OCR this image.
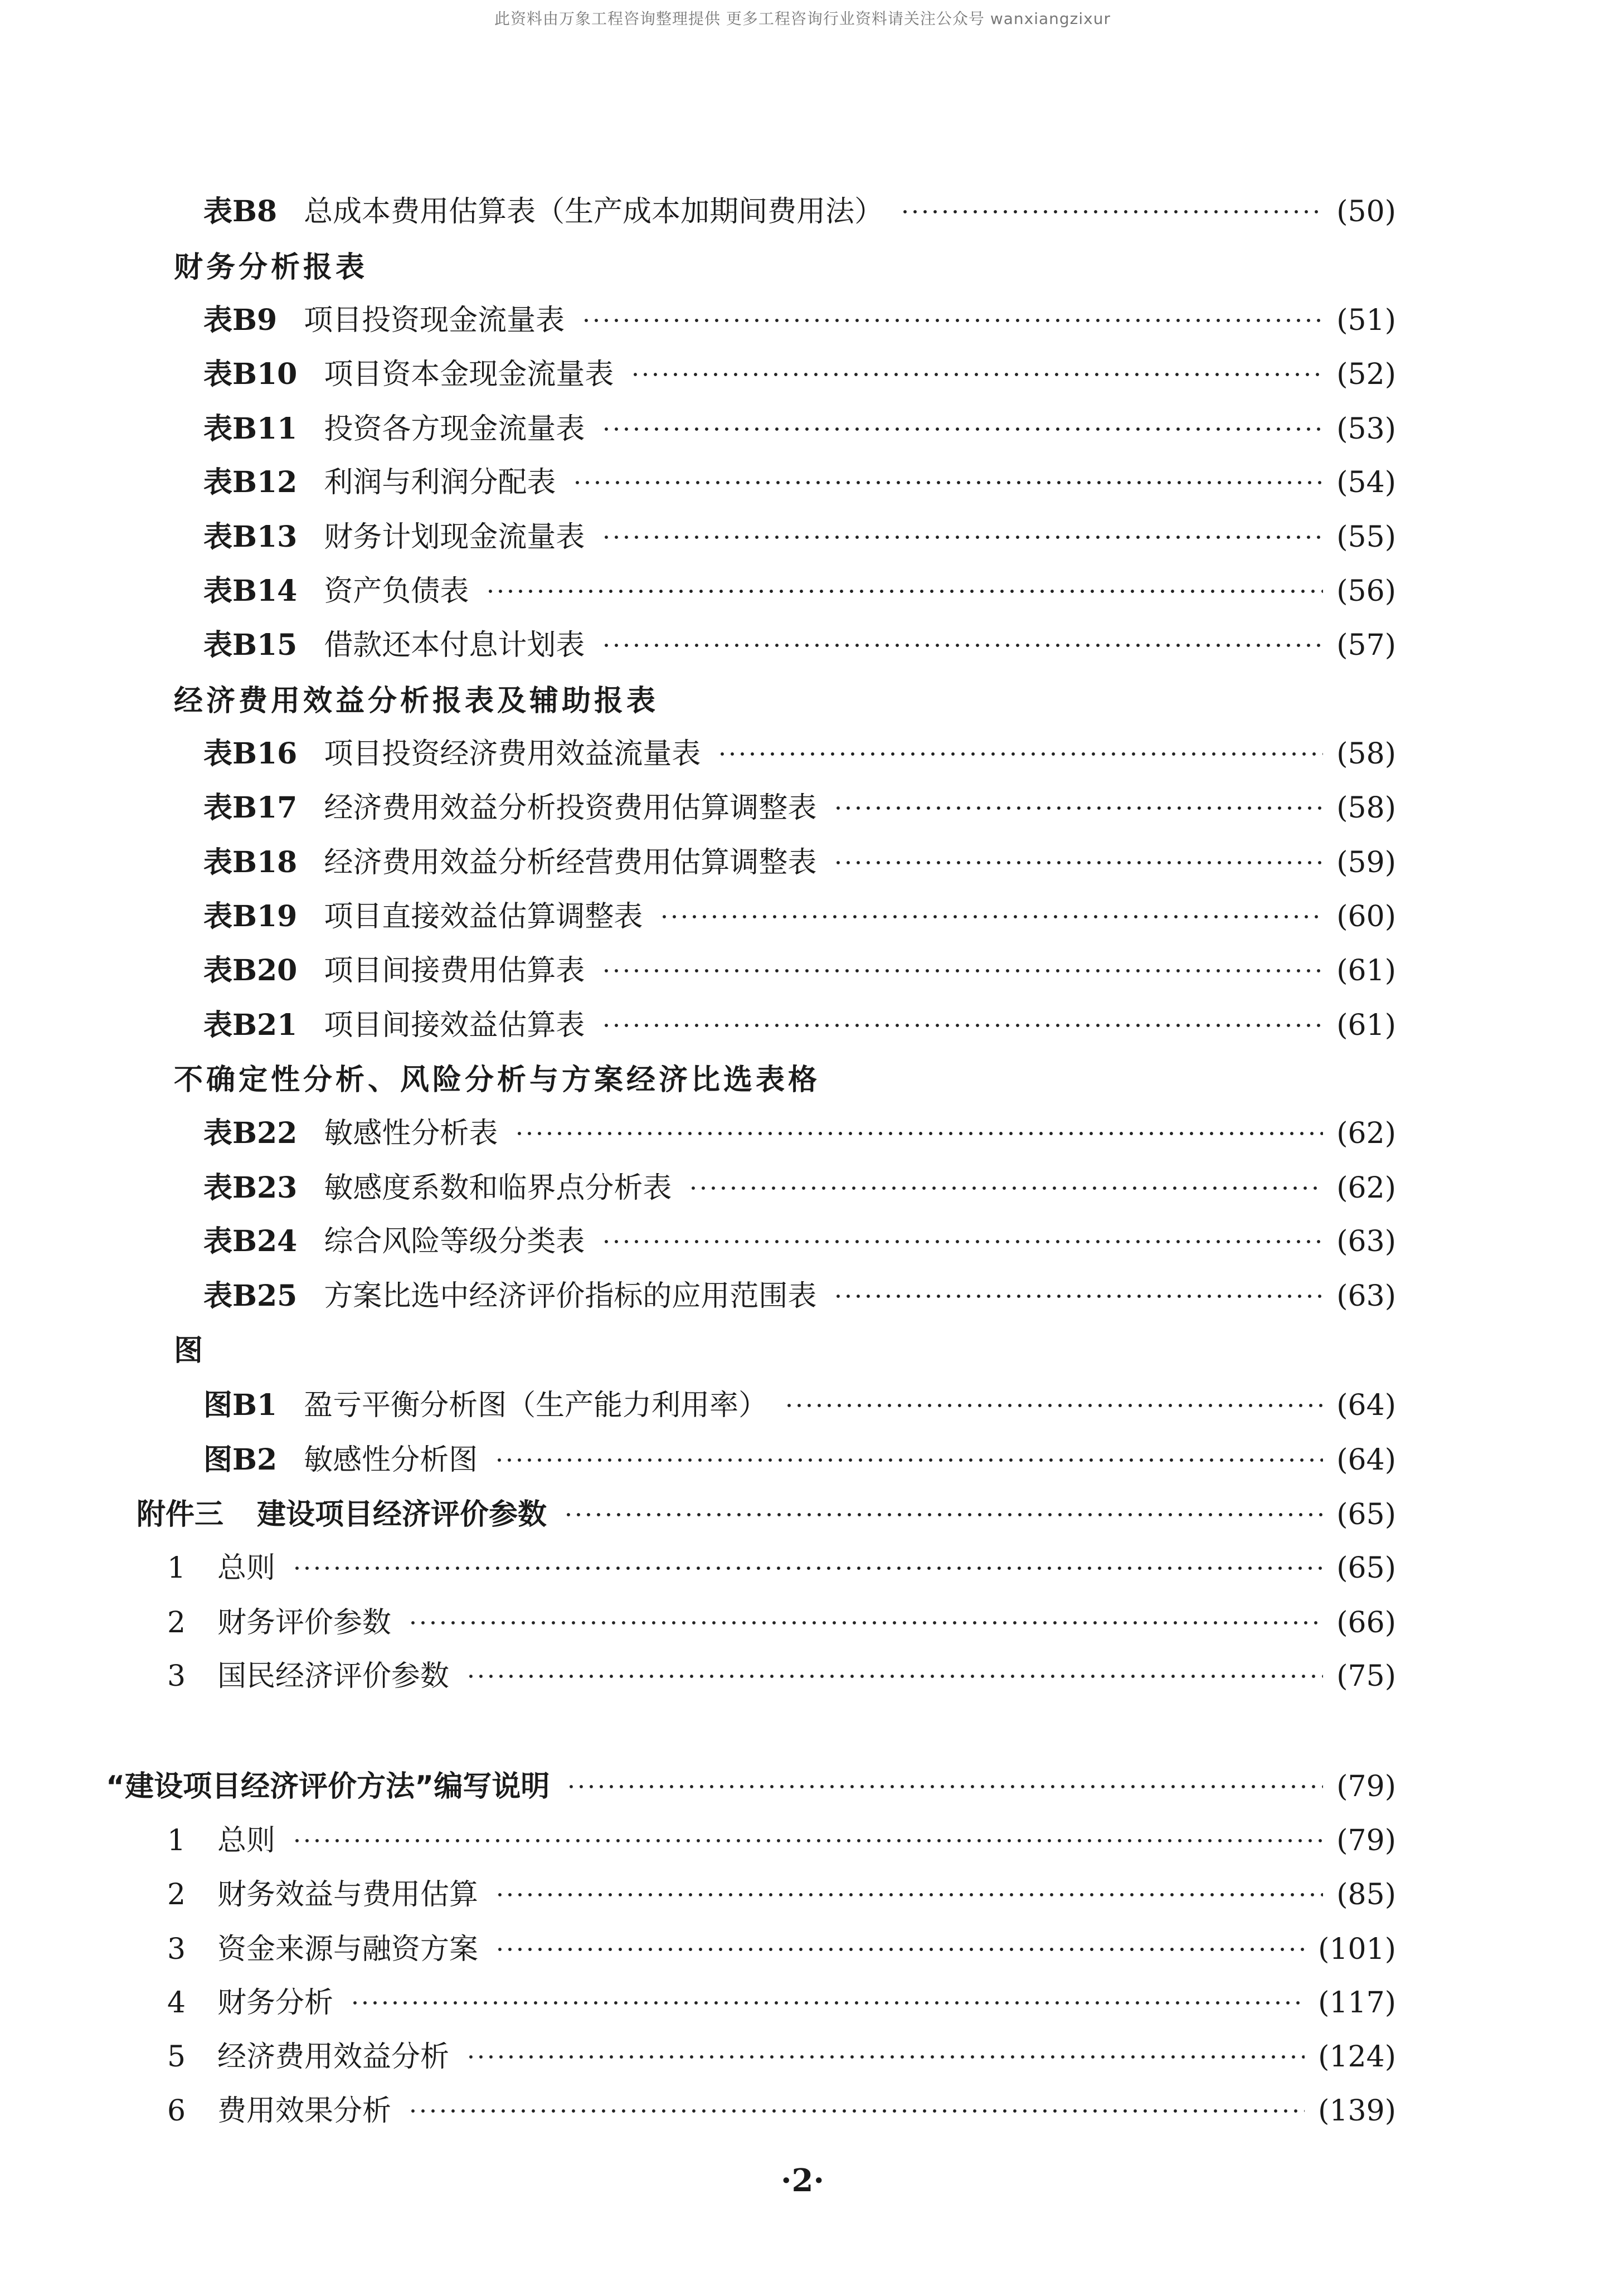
此资料由万象工程咨询整理提供 更多工程咨询行业资料请关注公众号 wanxiangzixur
表B8 总成本费用估算表（生产成本加期间费用法）	(50)
财务分析报表
表B9 项目投资现金流量表	(51)
表B10 项目资本金现金流量表	(52)
表B11 投资各方现金流量表	(53)
表B12 利润与利润分配表	(54)
表B13 财务计划现金流量表	(55)
表B14 资产负债表	(56)
表B15 借款还本付息计划表	(57)
经济费用效益分析报表及辅助报表
表B16 项目投资经济费用效益流量表	(58)
表B17 经济费用效益分析投资费用估算调整表	(58)
表B18 经济费用效益分析经营费用估算调整表	(59)
表B19 项目直接效益估算调整表	(60)
表B20 项目间接费用估算表	(61)
表B21 项目间接效益估算表	(61)
不确定性分析、风险分析与方案经济比选表格
表B22 敏感性分析表	(62)
表B23 敏感度系数和临界点分析表	(62)
表B24 综合风险等级分类表	(63)
表B25 方案比选中经济评价指标的应用范围表	(63)
图
图B1 盈亏平衡分析图（生产能力利用率）	(64)
图B2 敏感性分析图	(64)
附件三 建设项目经济评价参数	(65)
1	总则	(65)
2	财务评价参数	(66)
3	国民经济评价参数	(75)
“建设项目经济评价方法”编写说明	(79)
1	总则	(79)
2	财务效益与费用估算	(85)
3	资金来源与融资方案	(101)
4	财务分析	(117)
5	经济费用效益分析	(124)
6	费用效果分析	(139)
·2·
